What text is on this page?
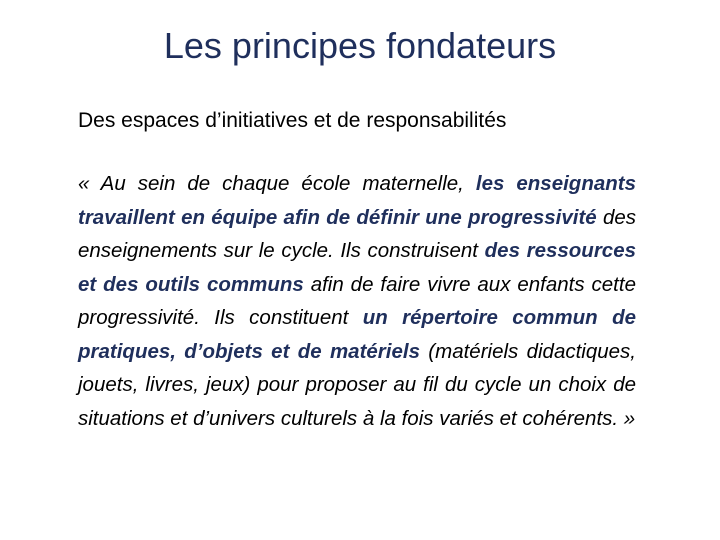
Les principes fondateurs

Des espaces d’initiatives et de responsabilités

« Au sein de chaque école maternelle, les enseignants travaillent en équipe afin de définir une progressivité des enseignements sur le cycle. Ils construisent des ressources et des outils communs afin de faire vivre aux enfants cette progressivité. Ils constituent un répertoire commun de pratiques, d’objets et de matériels (matériels didactiques, jouets, livres, jeux) pour proposer au fil du cycle un choix de situations et d’univers culturels à la fois variés et cohérents. »
